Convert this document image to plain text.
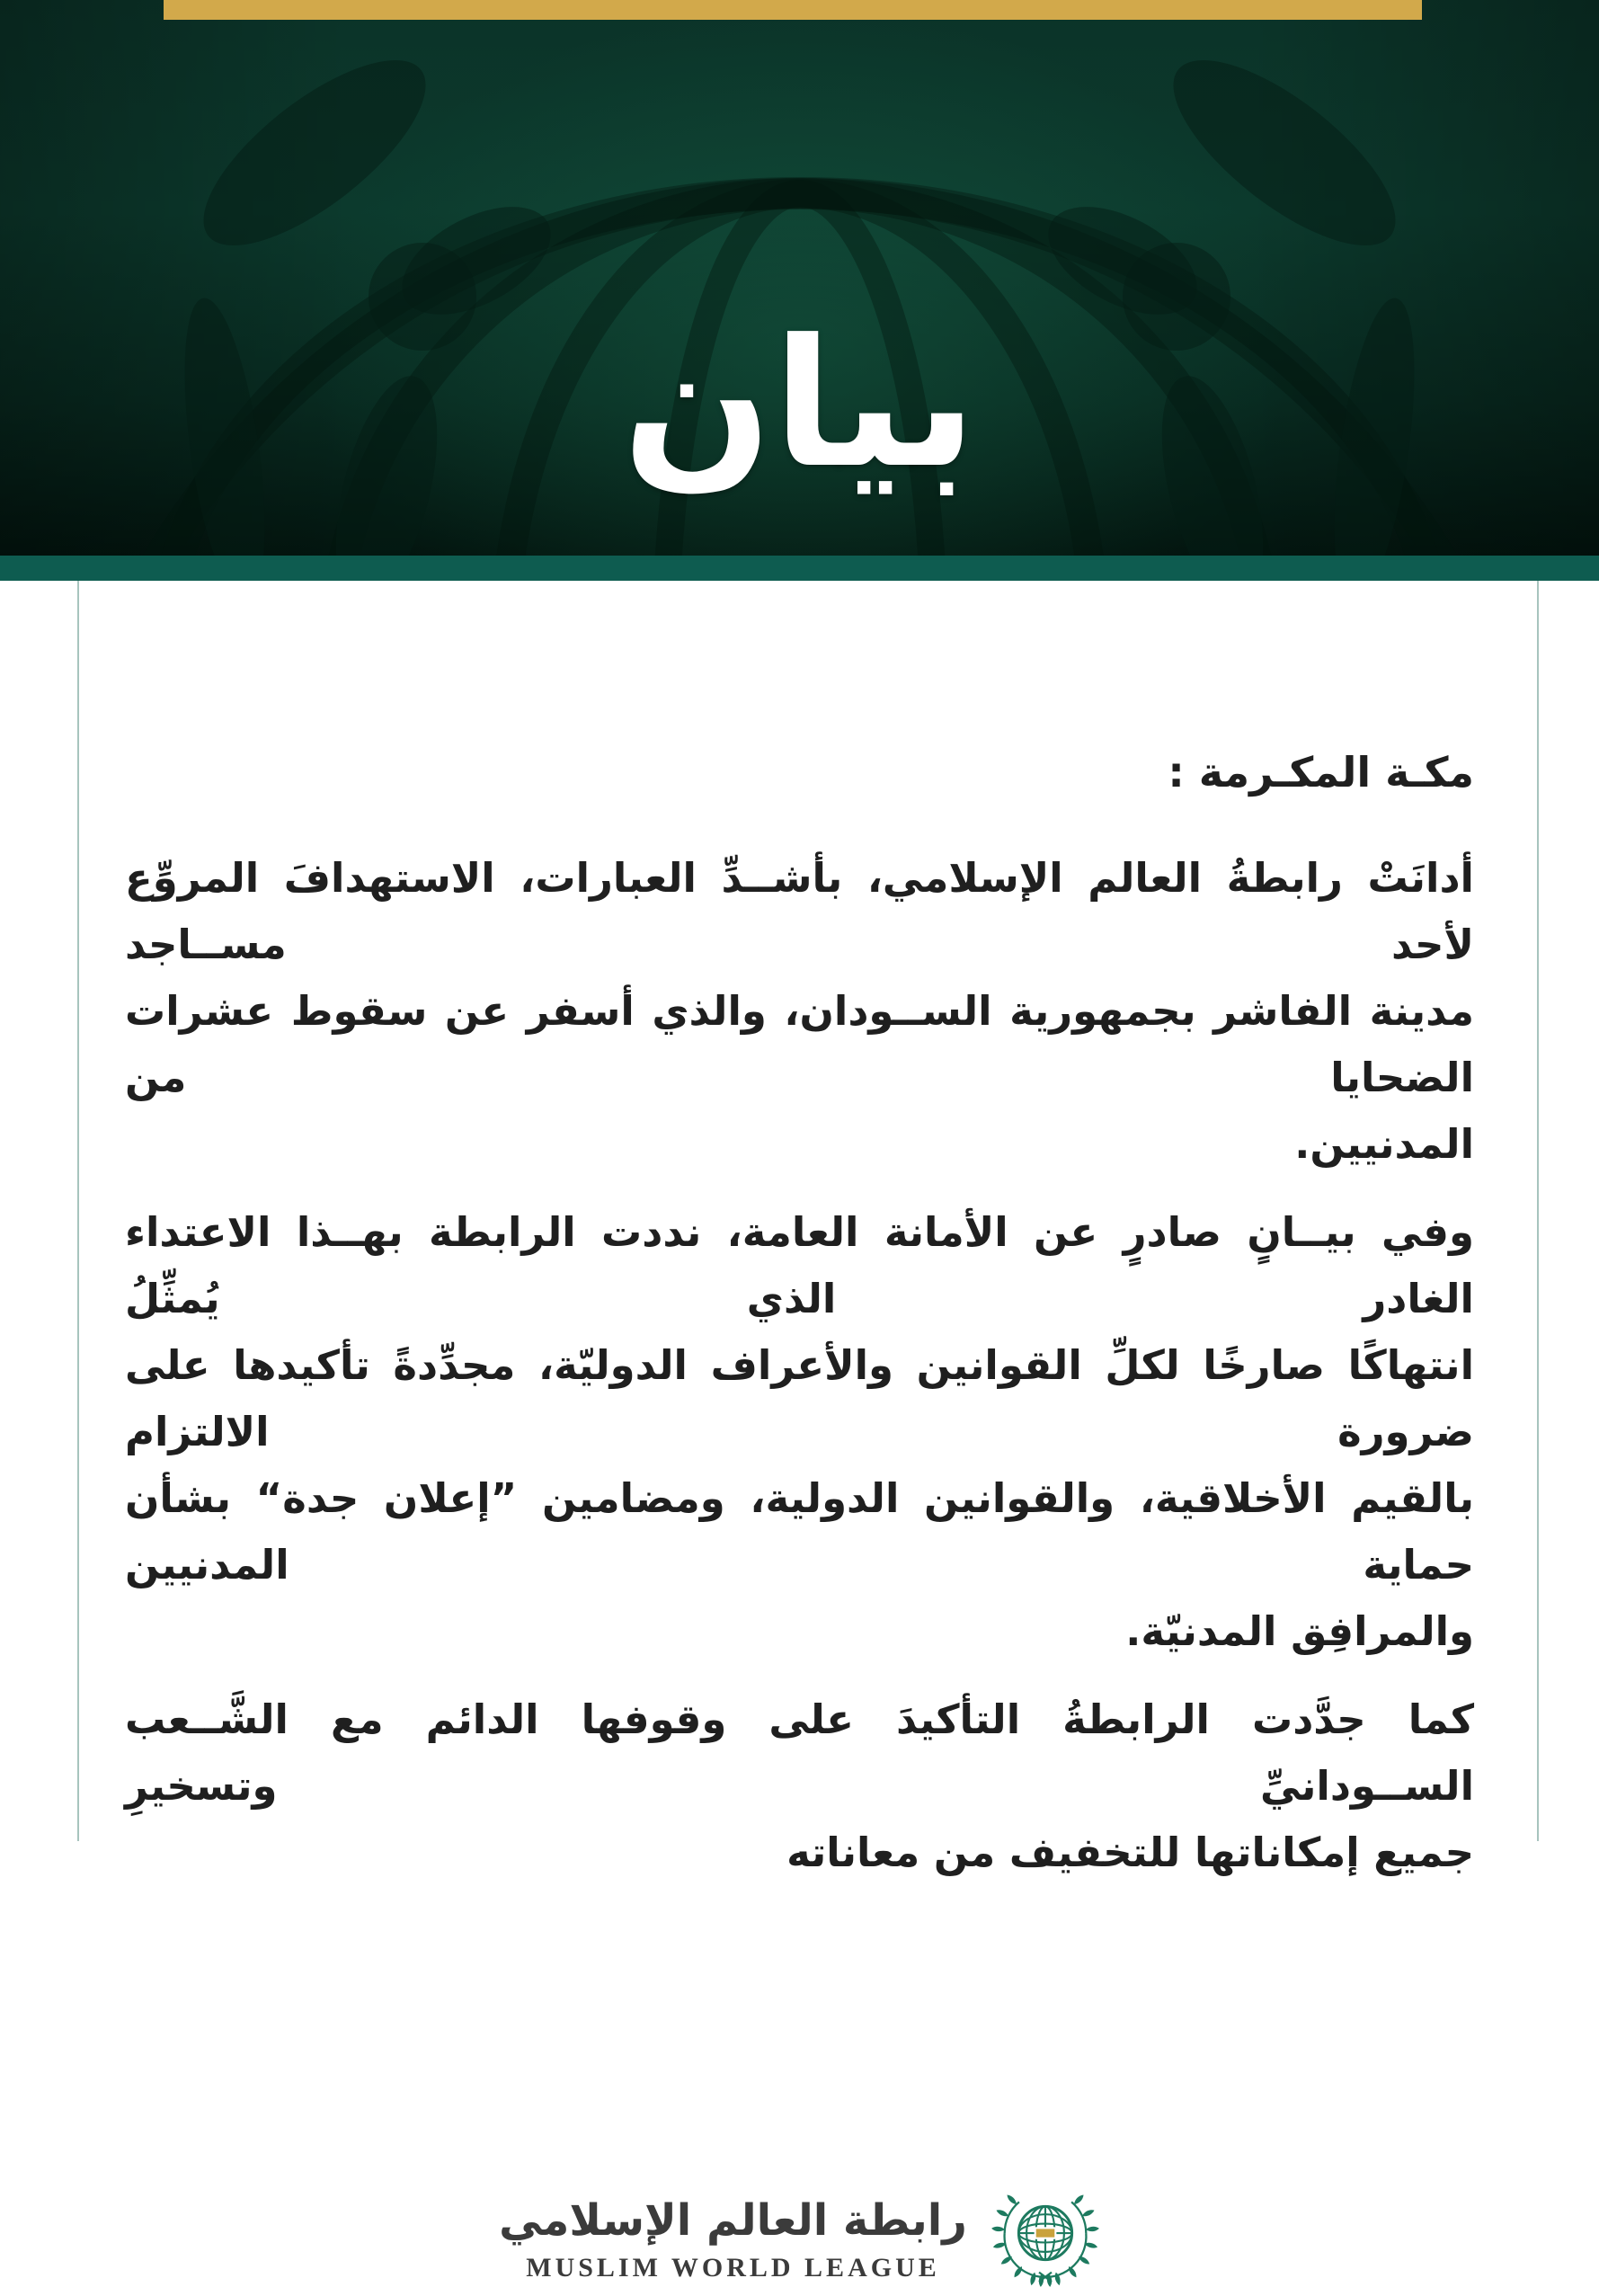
بيان

مكـة المكـرمة :

أدانَتْ رابطةُ العالم الإسلامي، بأشــدِّ العبارات، الاستهدافَ المروِّع لأحد مســاجد
مدينة الفاشر بجمهورية الســودان، والذي أسفر عن سقوط عشرات الضحايا من
المدنيين.
وفي بيــانٍ صادرٍ عن الأمانة العامة، نددت الرابطة بهــذا الاعتداء الغادر الذي يُمثِّلُ
انتهاكًا صارخًا لكلِّ القوانين والأعراف الدوليّة، مجدِّدةً تأكيدها على ضرورة الالتزام
بالقيم الأخلاقية، والقوانين الدولية، ومضامين ”إعلان جدة“ بشأن حماية المدنيين
والمرافِق المدنيّة.
كما جدَّدت الرابطةُ التأكيدَ على وقوفها الدائم مع الشَّــعب الســودانيِّ وتسخيرِ
جميع إمكاناتها للتخفيف من معاناته
رابطة العالم الإسلامي
MUSLIM WORLD LEAGUE
